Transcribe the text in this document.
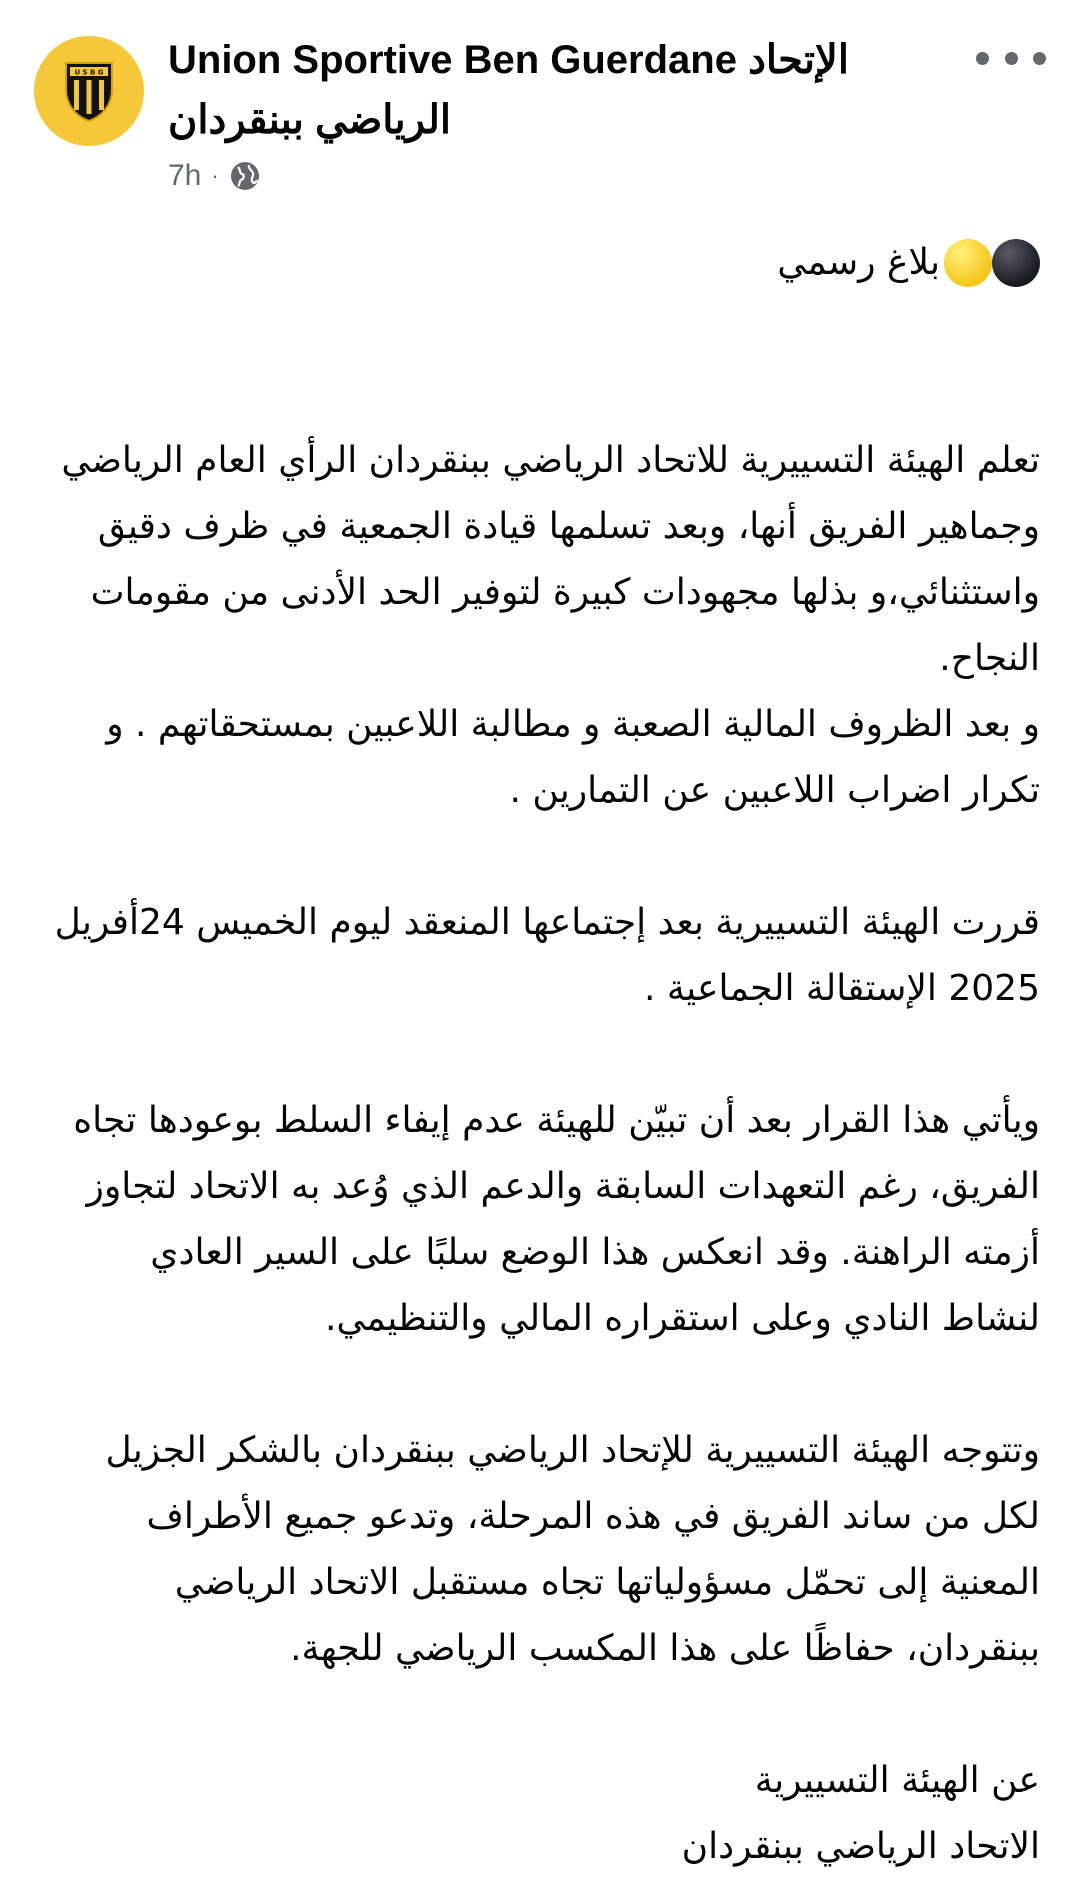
U S B G Union Sportive Ben Guerdane الإتحاد الرياضي ببنقردان
7h ·
بلاغ رسمي

تعلم الهيئة التسييرية للاتحاد الرياضي ببنقردان الرأي العام الرياضي وجماهير الفريق أنها، وبعد تسلمها قيادة الجمعية في ظرف دقيق واستثنائي،و بذلها مجهودات كبيرة لتوفير الحد الأدنى من مقومات النجاح.

و بعد الظروف المالية الصعبة و مطالبة اللاعبين بمستحقاتهم . و تكرار اضراب اللاعبين عن التمارين .

قررت الهيئة التسييرية بعد إجتماعها المنعقد ليوم الخميس 24أفريل 2025 الإستقالة الجماعية .

ويأتي هذا القرار بعد أن تبيّن للهيئة عدم إيفاء السلط بوعودها تجاه الفريق، رغم التعهدات السابقة والدعم الذي وُعد به الاتحاد لتجاوز أزمته الراهنة. وقد انعكس هذا الوضع سلبًا على السير العادي لنشاط النادي وعلى استقراره المالي والتنظيمي.

وتتوجه الهيئة التسييرية للإتحاد الرياضي ببنقردان بالشكر الجزيل لكل من ساند الفريق في هذه المرحلة، وتدعو جميع الأطراف المعنية إلى تحمّل مسؤولياتها تجاه مستقبل الاتحاد الرياضي ببنقردان، حفاظًا على هذا المكسب الرياضي للجهة.

عن الهيئة التسييرية

الاتحاد الرياضي ببنقردان
